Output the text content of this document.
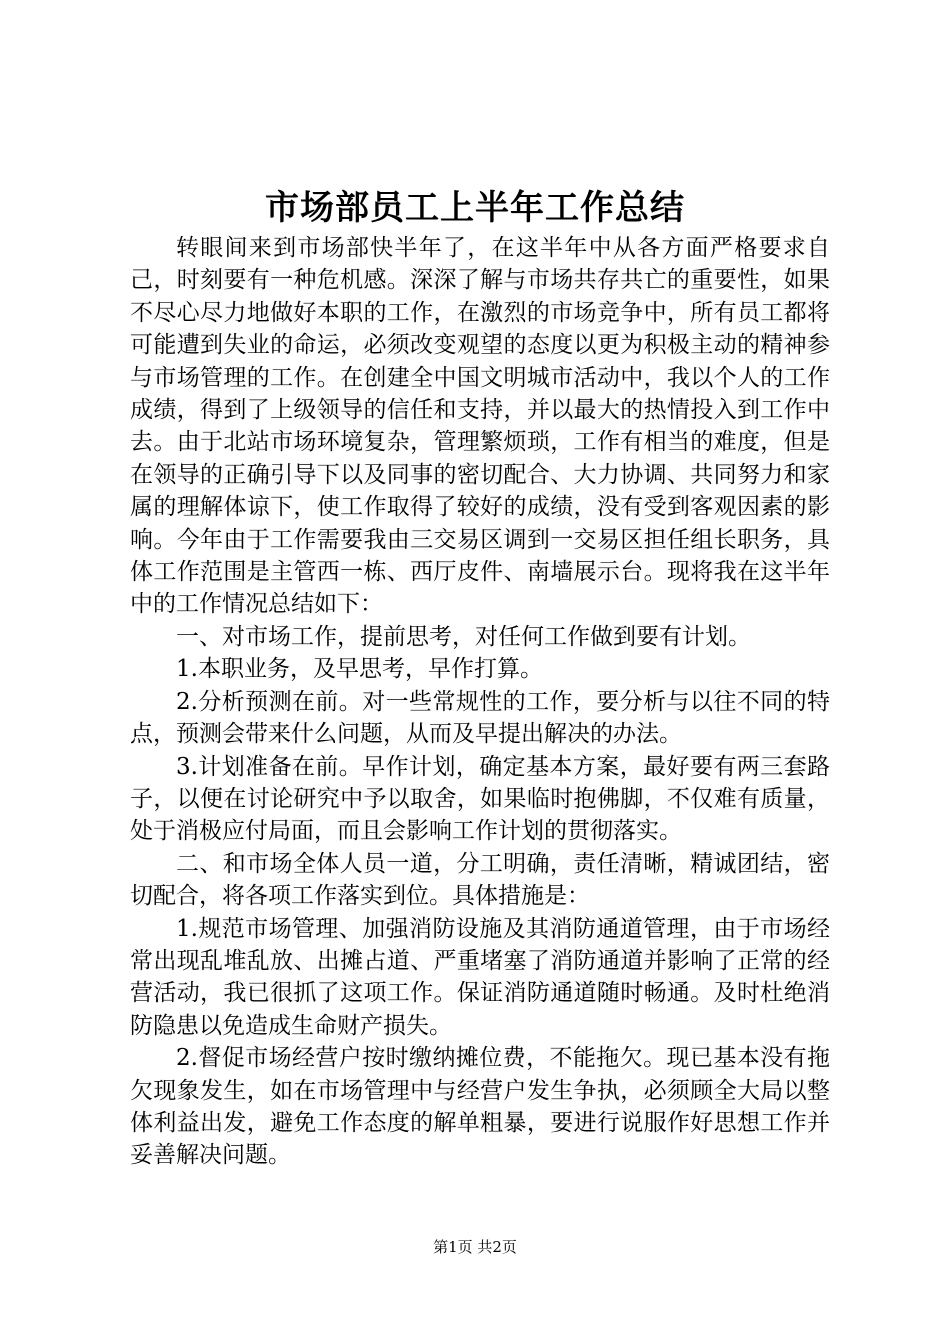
市场部员工上半年工作总结

转眼间来到市场部快半年了，在这半年中从各方面严格要求自己，时刻要有一种危机感。深深了解与市场共存共亡的重要性，如果不尽心尽力地做好本职的工作，在激烈的市场竞争中，所有员工都将可能遭到失业的命运，必须改变观望的态度以更为积极主动的精神参与市场管理的工作。在创建全中国文明城市活动中，我以个人的工作成绩，得到了上级领导的信任和支持，并以最大的热情投入到工作中去。由于北站市场环境复杂，管理繁烦琐，工作有相当的难度，但是在领导的正确引导下以及同事的密切配合、大力协调、共同努力和家属的理解体谅下，使工作取得了较好的成绩，没有受到客观因素的影响。今年由于工作需要我由三交易区调到一交易区担任组长职务，具体工作范围是主管西一栋、西厅皮件、南墙展示台。现将我在这半年中的工作情况总结如下：

一、对市场工作，提前思考，对任何工作做到要有计划。

1.本职业务，及早思考，早作打算。

2.分析预测在前。对一些常规性的工作，要分析与以往不同的特点，预测会带来什么问题，从而及早提出解决的办法。

3.计划准备在前。早作计划，确定基本方案，最好要有两三套路子，以便在讨论研究中予以取舍，如果临时抱佛脚，不仅难有质量，处于消极应付局面，而且会影响工作计划的贯彻落实。

二、和市场全体人员一道，分工明确，责任清晰，精诚团结，密切配合，将各项工作落实到位。具体措施是：

1.规范市场管理、加强消防设施及其消防通道管理，由于市场经常出现乱堆乱放、出摊占道、严重堵塞了消防通道并影响了正常的经营活动，我已很抓了这项工作。保证消防通道随时畅通。及时杜绝消防隐患以免造成生命财产损失。

2.督促市场经营户按时缴纳摊位费，不能拖欠。现已基本没有拖欠现象发生，如在市场管理中与经营户发生争执，必须顾全大局以整体利益出发，避免工作态度的解单粗暴，要进行说服作好思想工作并妥善解决问题。

第1页 共2页
